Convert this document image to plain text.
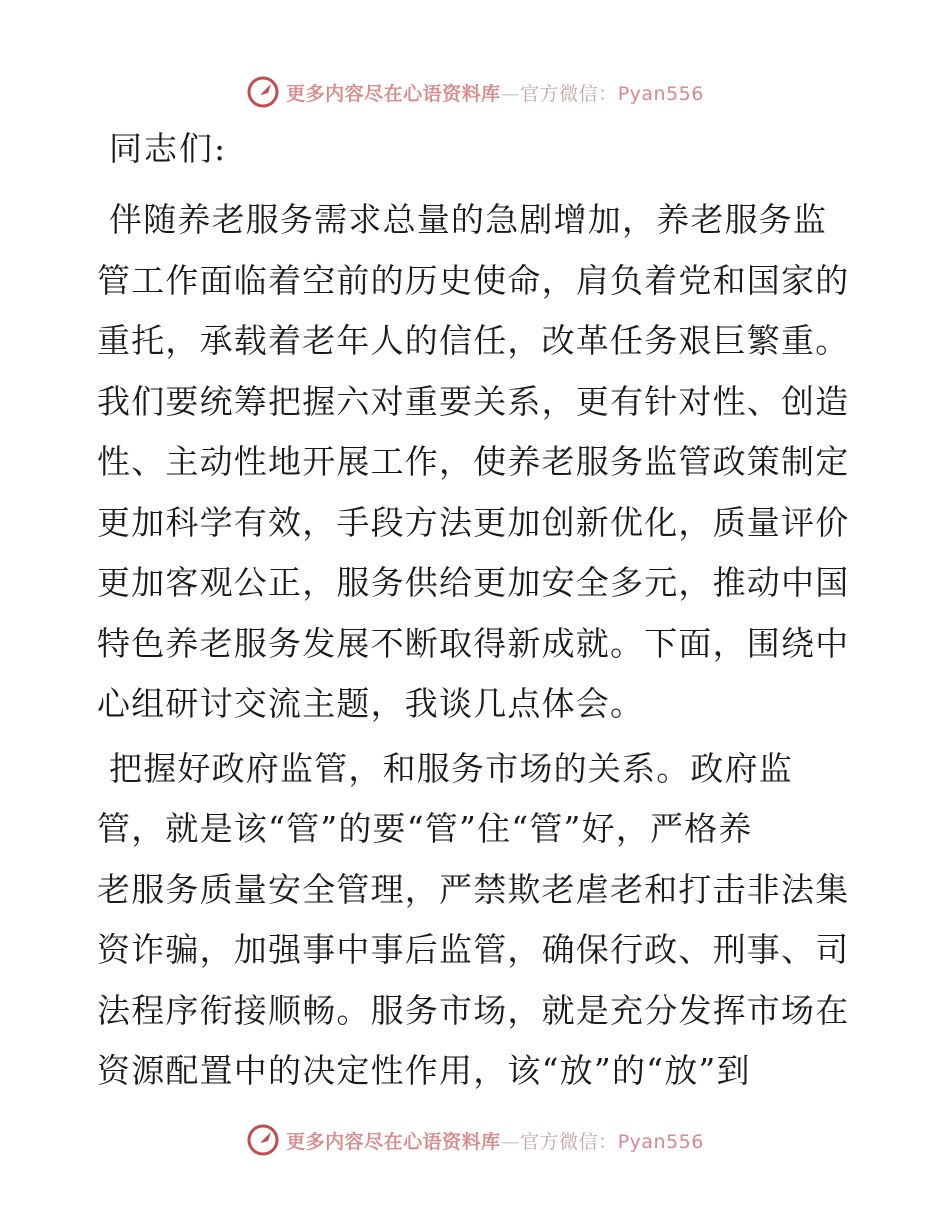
更多内容尽在心语资料库—官方微信：Pyan556
同志们:
伴随养老服务需求总量的急剧增加，养老服务监
管工作面临着空前的历史使命，肩负着党和国家的
重托，承载着老年人的信任，改革任务艰巨繁重。
我们要统筹把握六对重要关系，更有针对性、创造
性、主动性地开展工作，使养老服务监管政策制定
更加科学有效，手段方法更加创新优化，质量评价
更加客观公正，服务供给更加安全多元，推动中国
特色养老服务发展不断取得新成就。下面，围绕中
心组研讨交流主题，我谈几点体会。
把握好政府监管，和服务市场的关系。政府监
管，就是该“管”的要“管”住“管”好，严格养
老服务质量安全管理，严禁欺老虐老和打击非法集
资诈骗，加强事中事后监管，确保行政、刑事、司
法程序衔接顺畅。服务市场，就是充分发挥市场在
资源配置中的决定性作用，该“放”的“放”到
更多内容尽在心语资料库—官方微信：Pyan556
